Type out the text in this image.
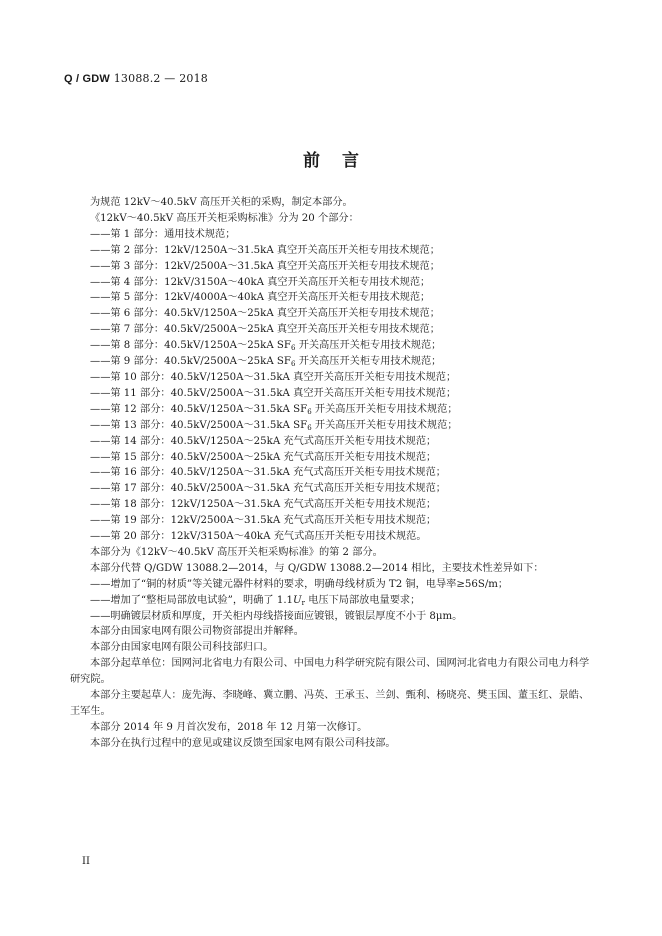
Q / GDW 13088.2 — 2018
前言

为规范 12kV～40.5kV 高压开关柜的采购，制定本部分。

《12kV～40.5kV 高压开关柜采购标准》分为 20 个部分：

——第 1 部分：通用技术规范；

——第 2 部分：12kV/1250A～31.5kA 真空开关高压开关柜专用技术规范；

——第 3 部分：12kV/2500A～31.5kA 真空开关高压开关柜专用技术规范；

——第 4 部分：12kV/3150A～40kA 真空开关高压开关柜专用技术规范；

——第 5 部分：12kV/4000A～40kA 真空开关高压开关柜专用技术规范；

——第 6 部分：40.5kV/1250A～25kA 真空开关高压开关柜专用技术规范；

——第 7 部分：40.5kV/2500A～25kA 真空开关高压开关柜专用技术规范；

——第 8 部分：40.5kV/1250A～25kA $SF_6$ 开关高压开关柜专用技术规范；

——第 9 部分：40.5kV/2500A～25kA $SF_6$ 开关高压开关柜专用技术规范；

——第 10 部分：40.5kV/1250A～31.5kA 真空开关高压开关柜专用技术规范；

——第 11 部分：40.5kV/2500A～31.5kA 真空开关高压开关柜专用技术规范；

——第 12 部分：40.5kV/1250A～31.5kA $SF_6$ 开关高压开关柜专用技术规范；

——第 13 部分：40.5kV/2500A～31.5kA $SF_6$ 开关高压开关柜专用技术规范；

——第 14 部分：40.5kV/1250A～25kA 充气式高压开关柜专用技术规范；

——第 15 部分：40.5kV/2500A～25kA 充气式高压开关柜专用技术规范；

——第 16 部分：40.5kV/1250A～31.5kA 充气式高压开关柜专用技术规范；

——第 17 部分：40.5kV/2500A～31.5kA 充气式高压开关柜专用技术规范；

——第 18 部分：12kV/1250A～31.5kA 充气式高压开关柜专用技术规范；

——第 19 部分：12kV/2500A～31.5kA 充气式高压开关柜专用技术规范；

——第 20 部分：12kV/3150A～40kA 充气式高压开关柜专用技术规范。

本部分为《12kV～40.5kV 高压开关柜采购标准》的第 2 部分。

本部分代替 Q/GDW 13088.2—2014，与 Q/GDW 13088.2—2014 相比，主要技术性差异如下：

——增加了“铜的材质”等关键元器件材料的要求，明确母线材质为 T2 铜，电导率≥56S/m；

——增加了“整柜局部放电试验”，明确了 $1.1U_r$ 电压下局部放电量要求；

——明确镀层材质和厚度，开关柜内母线搭接面应镀银，镀银层厚度不小于 8μm。

本部分由国家电网有限公司物资部提出并解释。

本部分由国家电网有限公司科技部归口。

本部分起草单位：国网河北省电力有限公司、中国电力科学研究院有限公司、国网河北省电力有限公司电力科学研究院。

本部分主要起草人：庞先海、李晓峰、冀立鹏、冯英、王承玉、兰剑、甄利、杨晓亮、樊玉国、董玉红、景皓、王军生。

本部分 2014 年 9 月首次发布，2018 年 12 月第一次修订。

本部分在执行过程中的意见或建议反馈至国家电网有限公司科技部。

II
